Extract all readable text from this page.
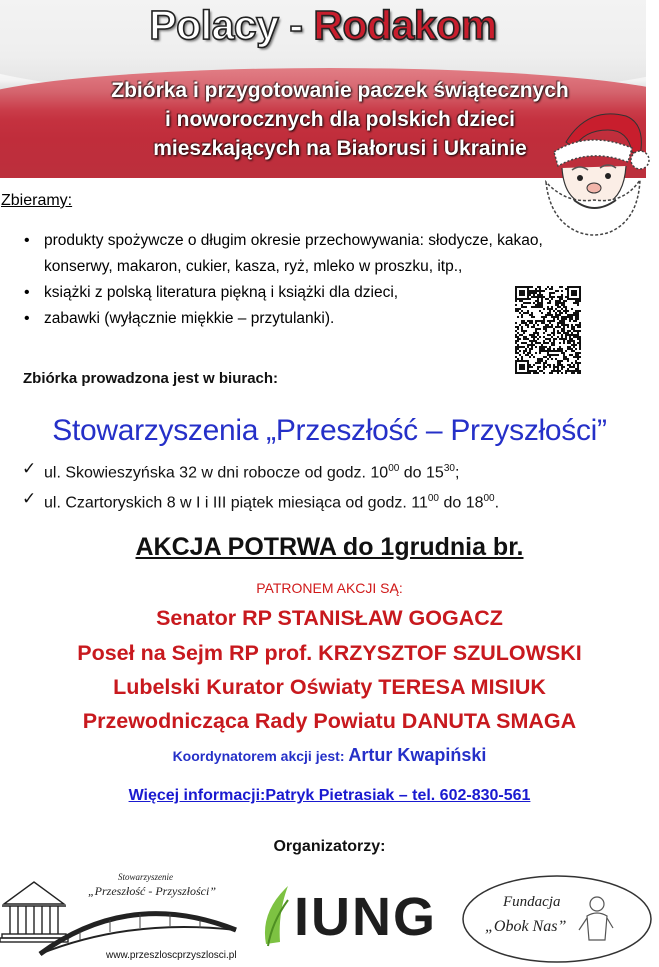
Polacy - Rodakom
Zbiórka i przygotowanie paczek świątecznych
i noworocznych dla polskich dzieci
mieszkających na Białorusi i Ukrainie
Zbieramy:
• produkty spożywcze o długim okresie przechowywania: słodycze, kakao,
konserwy, makaron, cukier, kasza, ryż, mleko w proszku, itp.,
• książki z polską literatura piękną i książki dla dzieci,
• zabawki (wyłącznie miękkie – przytulanki).
Zbiórka prowadzona jest w biurach:
Stowarzyszenia „Przeszłość – Przyszłości”
✓ ul. Skowieszyńska 32 w dni robocze od godz. $10^{00}$ do $15^{30}$;
✓ ul. Czartoryskich 8 w I i III piątek miesiąca od godz. $11^{00}$ do $18^{00}$.
AKCJA POTRWA do 1grudnia br.
PATRONEM AKCJI SĄ:
Senator RP STANISŁAW GOGACZ
Poseł na Sejm RP prof. KRZYSZTOF SZULOWSKI
Lubelski Kurator Oświaty TERESA MISIUK
Przewodnicząca Rady Powiatu DANUTA SMAGA
Koordynatorem akcji jest: Artur Kwapiński
Więcej informacji:Patryk Pietrasiak – tel. 602-830-561
Organizatorzy:
Stowarzyszenie
„Przeszłość - Przyszłości”
www.przeszloscprzyszlosci.pl
IUNG	Fundacja
„Obok Nas”
